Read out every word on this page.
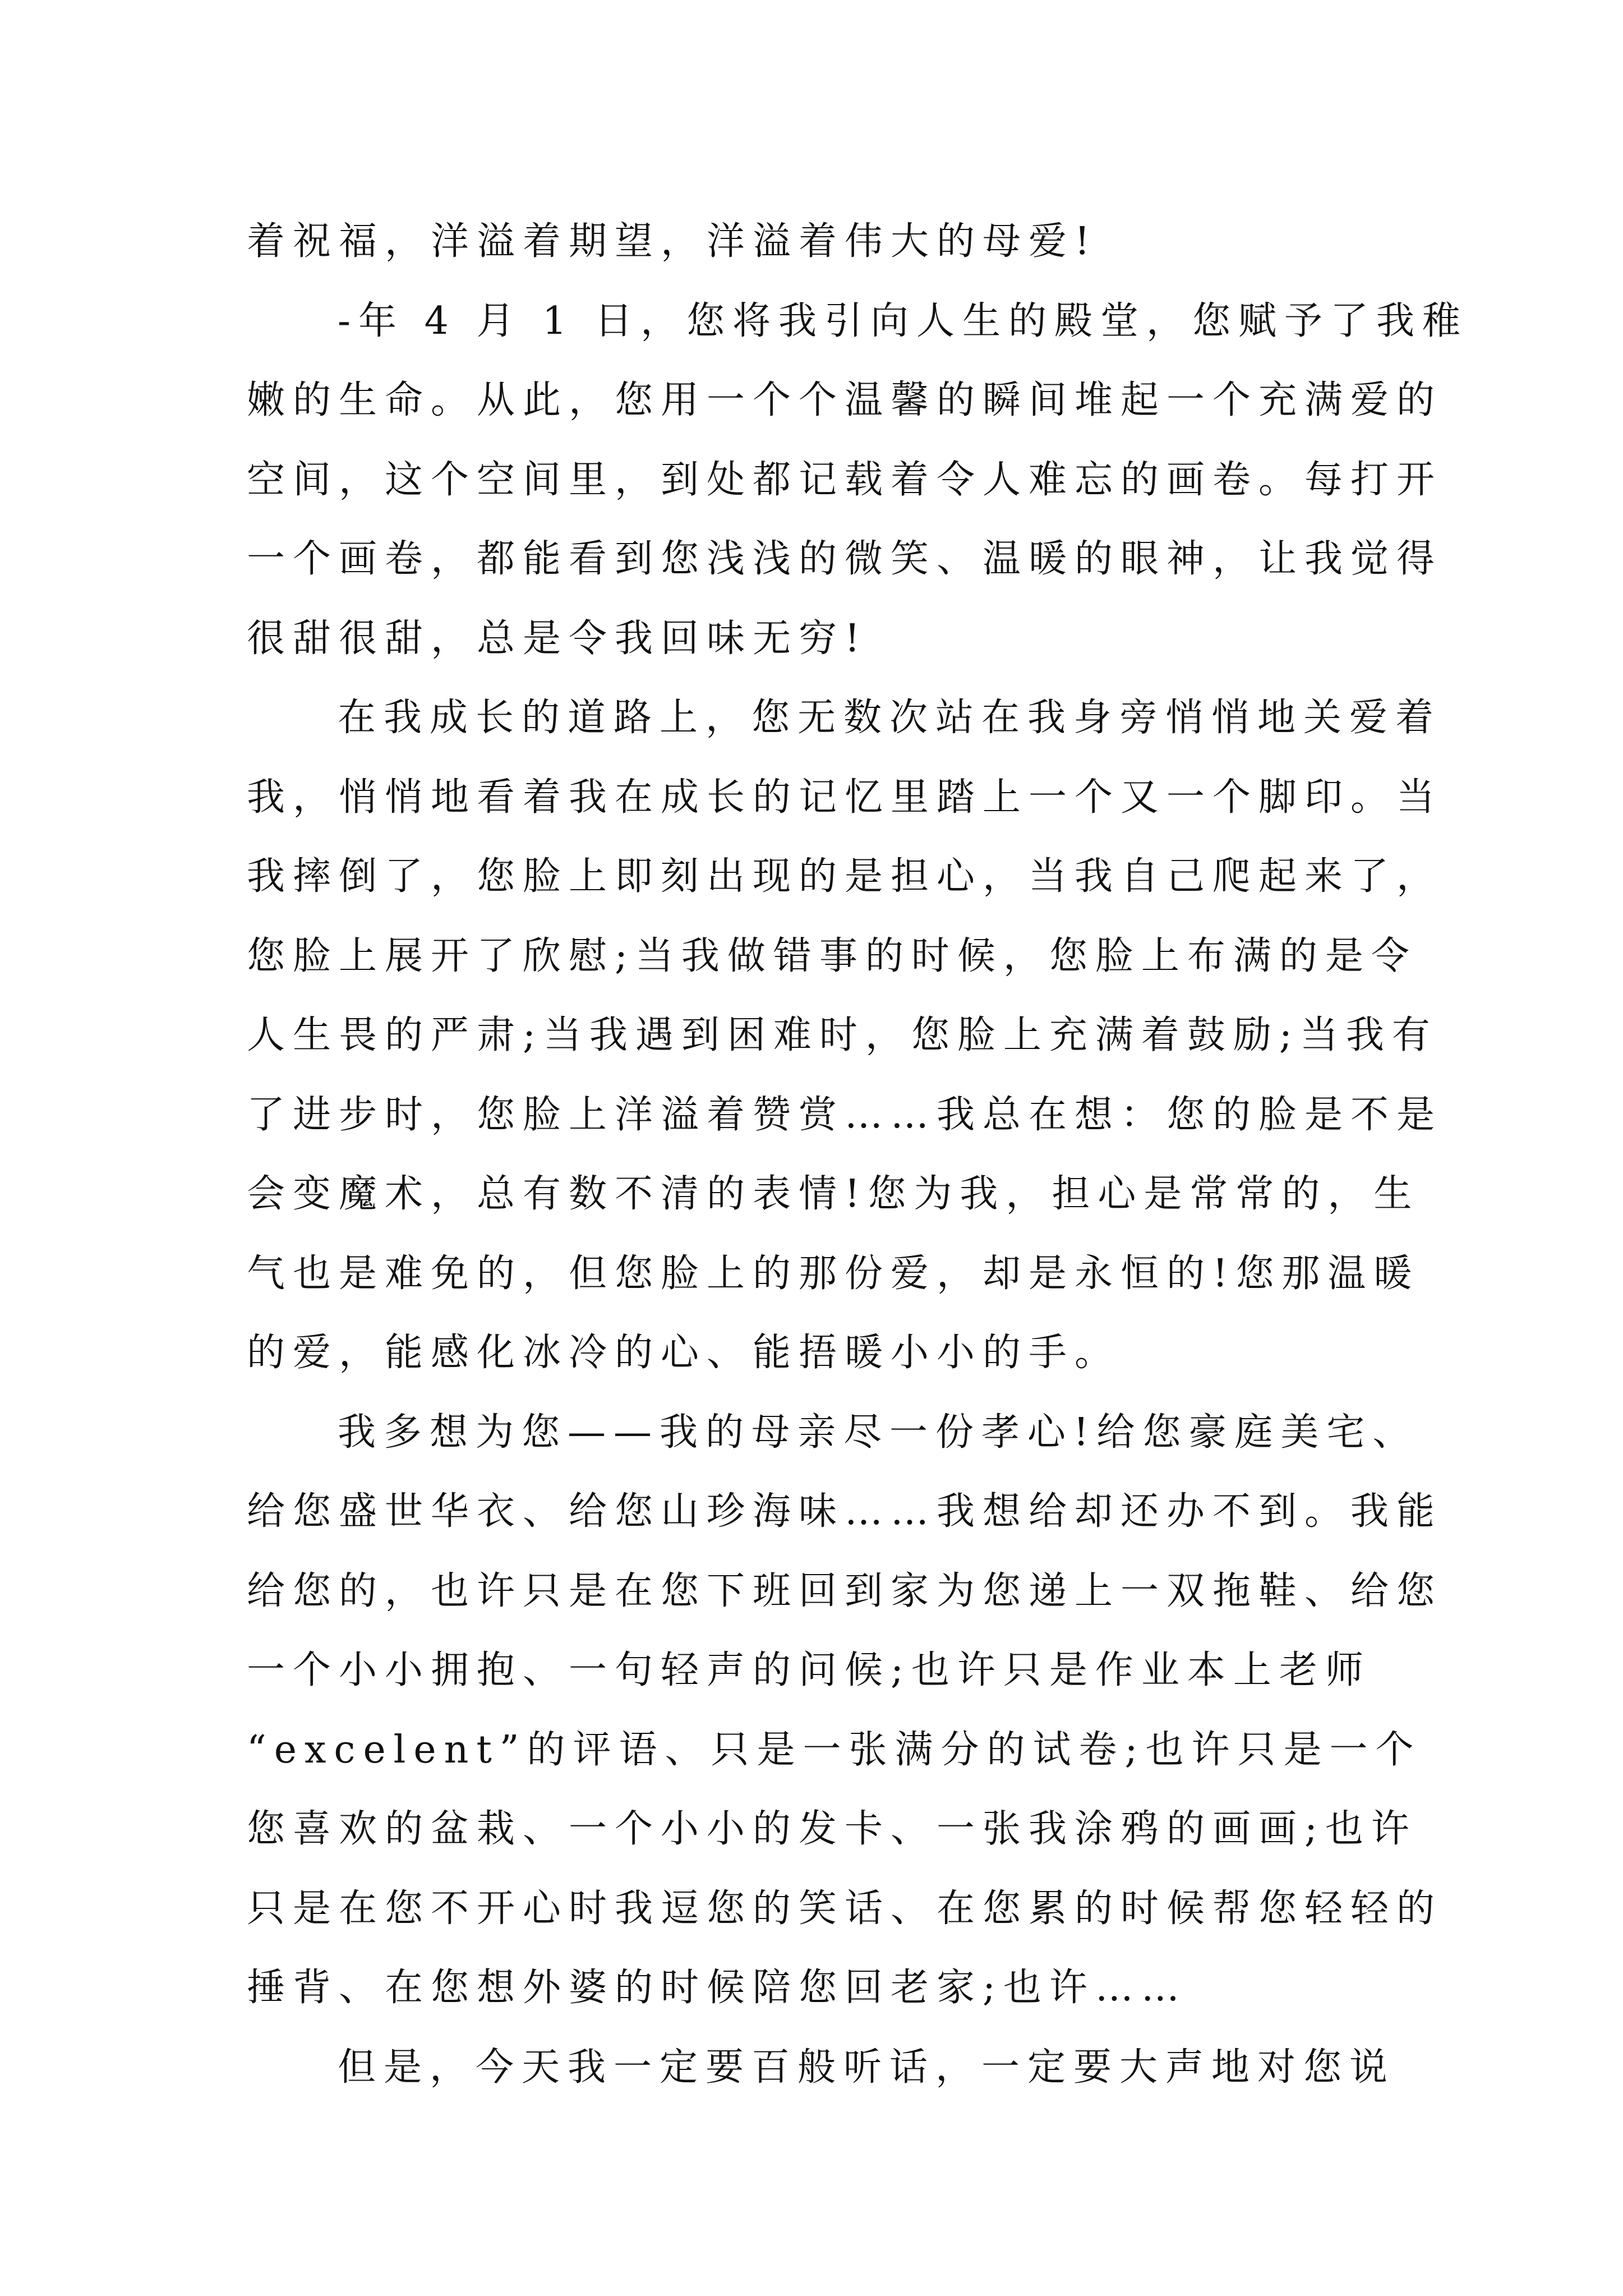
着祝福，洋溢着期望，洋溢着伟大的母爱!
-年 4 月 1 日，您将我引向人生的殿堂，您赋予了我稚
嫩的生命。从此，您用一个个温馨的瞬间堆起一个充满爱的
空间，这个空间里，到处都记载着令人难忘的画卷。每打开
一个画卷，都能看到您浅浅的微笑、温暖的眼神，让我觉得
很甜很甜，总是令我回味无穷!
在我成长的道路上，您无数次站在我身旁悄悄地关爱着
我，悄悄地看着我在成长的记忆里踏上一个又一个脚印。当
我摔倒了，您脸上即刻出现的是担心，当我自己爬起来了，
您脸上展开了欣慰;当我做错事的时候，您脸上布满的是令
人生畏的严肃;当我遇到困难时，您脸上充满着鼓励;当我有
了进步时，您脸上洋溢着赞赏……我总在想：您的脸是不是
会变魔术，总有数不清的表情!您为我，担心是常常的，生
气也是难免的，但您脸上的那份爱，却是永恒的!您那温暖
的爱，能感化冰冷的心、能捂暖小小的手。
我多想为您——我的母亲尽一份孝心!给您豪庭美宅、
给您盛世华衣、给您山珍海味……我想给却还办不到。我能
给您的，也许只是在您下班回到家为您递上一双拖鞋、给您
一个小小拥抱、一句轻声的问候;也许只是作业本上老师
“excelent”的评语、只是一张满分的试卷;也许只是一个
您喜欢的盆栽、一个小小的发卡、一张我涂鸦的画画;也许
只是在您不开心时我逗您的笑话、在您累的时候帮您轻轻的
捶背、在您想外婆的时候陪您回老家;也许……
但是，今天我一定要百般听话，一定要大声地对您说
